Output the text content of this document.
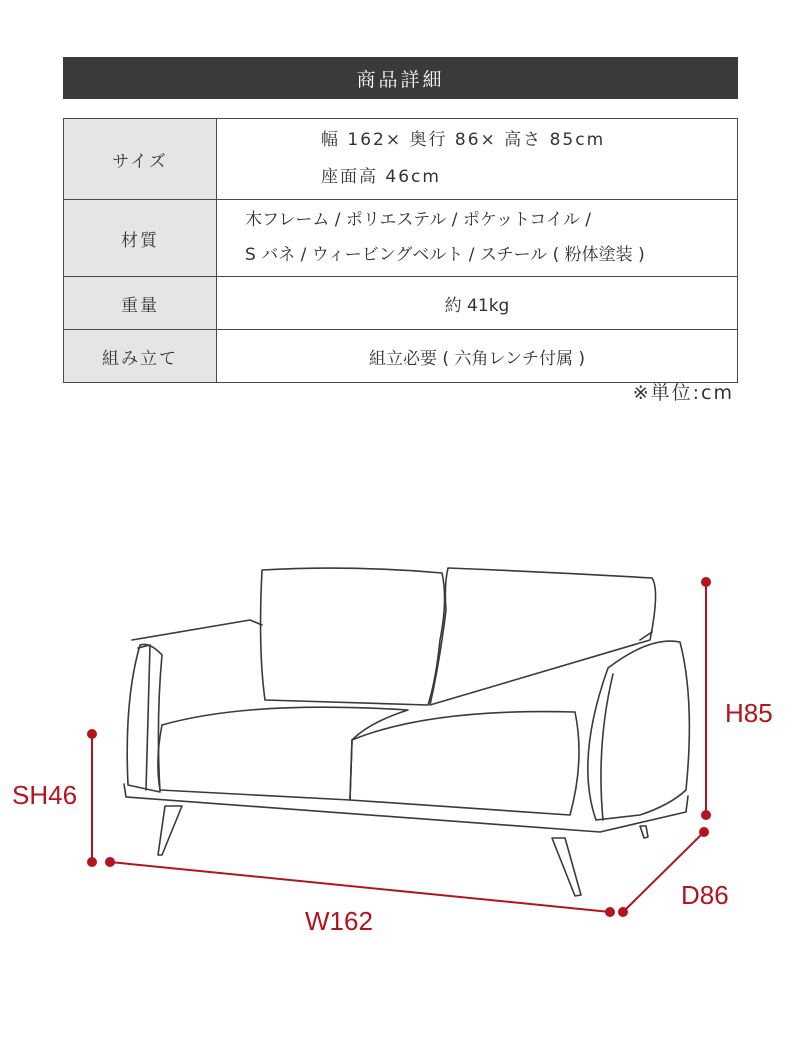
商品詳細
サイズ	幅 162× 奥行 86× 高さ 85cm
座面高 46cm

材質	木フレーム / ポリエステル / ポケットコイル /
S バネ / ウィービングベルト / スチール ( 粉体塗装 )

重量	約 41kg
組み立て	組立必要 ( 六角レンチ付属 )
※単位:cm
H85
SH46
D86
W162
